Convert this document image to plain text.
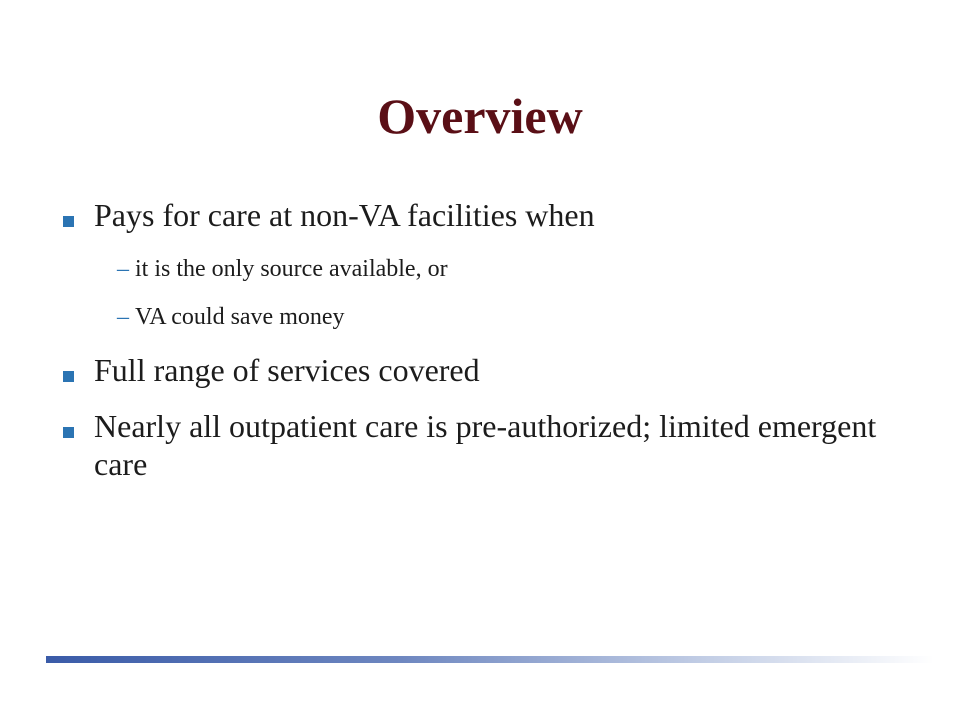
Overview
Pays for care at non-VA facilities when
– it is the only source available, or
– VA could save money
Full range of services covered
Nearly all outpatient care is pre-authorized; limited emergent care
